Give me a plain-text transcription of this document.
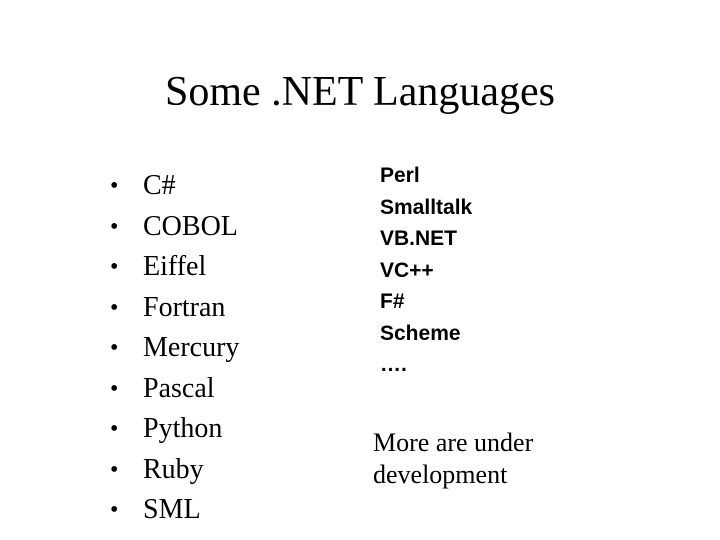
Some .NET Languages
• C#
• COBOL
• Eiffel
• Fortran
• Mercury
• Pascal
• Python
• Ruby
• SML
Perl
Smalltalk
VB.NET
VC++
F#
Scheme
….
More are under
development
